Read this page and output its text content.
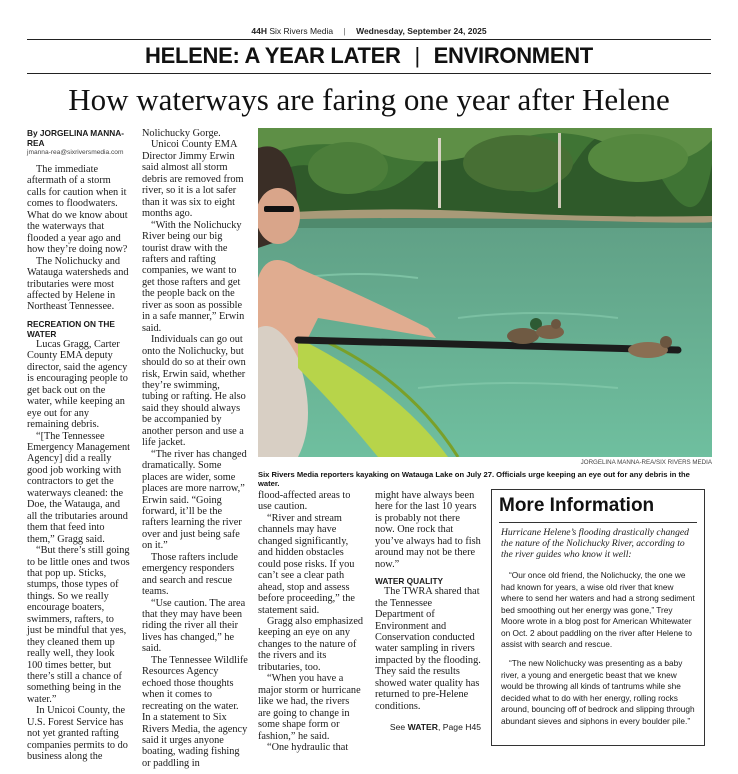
44H Six Rivers Media | Wednesday, September 24, 2025
HELENE: A YEAR LATER | ENVIRONMENT
How waterways are faring one year after Helene
By JORGELINA MANNA-REA
jmanna-rea@sixriversmedia.com

The immediate aftermath of a storm calls for caution when it comes to floodwaters. What do we know about the waterways that flooded a year ago and how they’re doing now?

The Nolichucky and Watauga watersheds and tributaries were most affected by Helene in Northeast Tennessee.

RECREATION ON THE WATER

Lucas Gragg, Carter County EMA deputy director, said the agency is encouraging people to get back out on the water, while keeping an eye out for any remaining debris.

“[The Tennessee Emergency Management Agency] did a really good job working with contractors to get the waterways cleaned: the Doe, the Watauga, and all the tributaries around them that feed into them,” Gragg said.

“But there’s still going to be little ones and twos that pop up. Sticks, stumps, those types of things. So we really encourage boaters, swimmers, rafters, to just be mindful that yes, they cleaned them up really well, they look 100 times better, but there’s still a chance of something being in the water.”

In Unicoi County, the U.S. Forest Service has not yet granted rafting companies permits to do business along the

Nolichucky Gorge.

Unicoi County EMA Director Jimmy Erwin said almost all storm debris are removed from river, so it is a lot safer than it was six to eight months ago.

“With the Nolichucky River being our big tourist draw with the rafters and rafting companies, we want to get those rafters and get the people back on the river as soon as possible in a safe manner,” Erwin said.

Individuals can go out onto the Nolichucky, but should do so at their own risk, Erwin said, whether they’re swimming, tubing or rafting. He also said they should always be accompanied by another person and use a life jacket.

“The river has changed dramatically. Some places are wider, some places are more narrow,” Erwin said. “Going forward, it’ll be the rafters learning the river over and just being safe on it.”

Those rafters include emergency responders and search and rescue teams.

“Use caution. The area that they may have been riding the river all their lives has changed,” he said.

The Tennessee Wildlife Resources Agency echoed those thoughts when it comes to recreating on the water. In a statement to Six Rivers Media, the agency said it urges anyone boating, wading fishing or paddling in

JORGELINA MANNA-REA/SIX RIVERS MEDIA
Six Rivers Media reporters kayaking on Watauga Lake on July 27. Officials urge keeping an eye out for any debris in the water.

flood-affected areas to use caution.

“River and stream channels may have changed significantly, and hidden obstacles could pose risks. If you can’t see a clear path ahead, stop and assess before proceeding,” the statement said.

Gragg also emphasized keeping an eye on any changes to the nature of the rivers and its tributaries, too.

“When you have a major storm or hurricane like we had, the rivers are going to change in some shape form or fashion,” he said.

“One hydraulic that

might have always been here for the last 10 years is probably not there now. One rock that you’ve always had to fish around may not be there now.”

WATER QUALITY

The TWRA shared that the Tennessee Department of Environment and Conservation conducted water sampling in rivers impacted by the flooding. They said the results showed water quality has returned to pre-Helene conditions.

See WATER, Page H45
More Information
Hurricane Helene’s flooding drastically changed the nature of the Nolichucky River, according to the river guides who know it well:
“Our once old friend, the Nolichucky, the one we had known for years, a wise old river that knew where to send her waters and had a strong sediment bed smoothing out her energy was gone,” Trey Moore wrote in a blog post for American Whitewater on Oct. 2 about paddling on the river after Helene to assist with search and rescue.
“The new Nolichucky was presenting as a baby river, a young and energetic beast that we knew would be throwing all kinds of tantrums while she decided what to do with her energy, rolling rocks around, bouncing off of bedrock and slipping through abundant sieves and siphons in every boulder pile.”
